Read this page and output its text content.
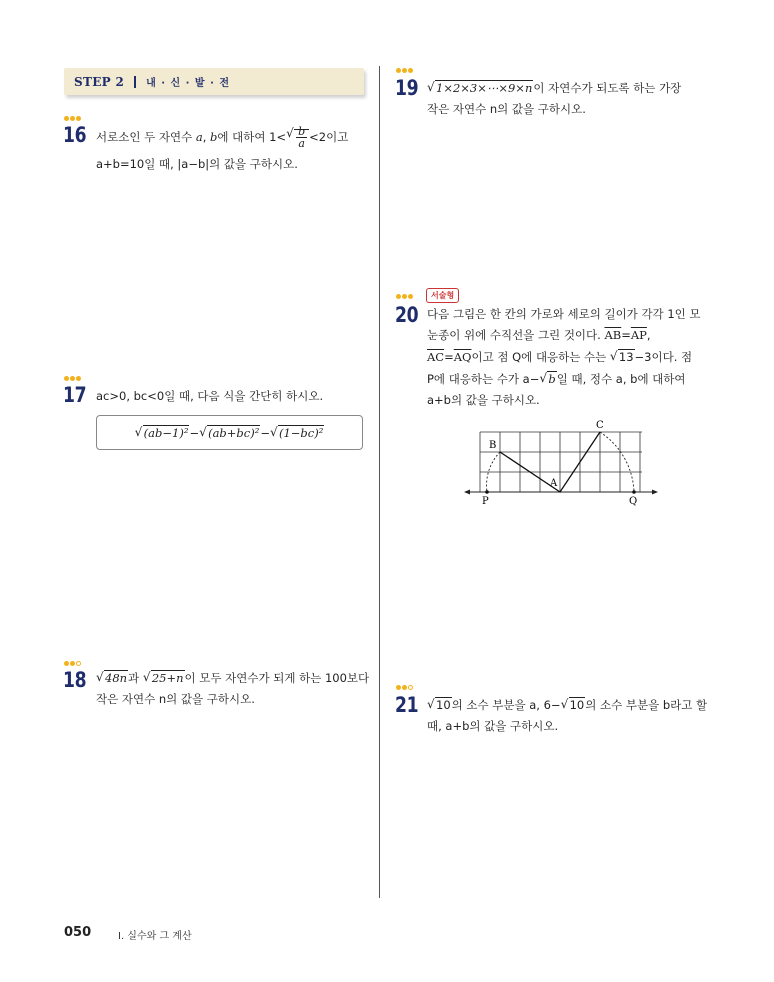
STEP 2 내 · 신 · 발 · 전
16 서로소인 두 자연수 a, b에 대하여 1< √ $\frac{b}{a} <2$이고
a+b=10일 때, |a−b|의 값을 구하시오.
17 ac>0, bc<0일 때, 다음 식을 간단히 하시오.
√ (ab−1)² − √ (ab+bc)² − √ (1−bc)²
18	√ 48n과 √ 25+n이 모두 자연수가 되게 하는 100보다
작은 자연수 n의 값을 구하시오.
19	√ 1×2×3×⋯×9×n이 자연수가 되도록 하는 가장
작은 자연수 n의 값을 구하시오.
서술형
20 다음 그림은 한 칸의 가로와 세로의 길이가 각각 1인 모
눈종이 위에 수직선을 그린 것이다. $\overline{AB}=\overline{AP}$,
$\overline{AC}=\overline{AQ}$이고 점 Q에 대응하는 수는 √ 13−3이다. 점
P에 대응하는 수가 a− √ b일 때, 정수 a, b에 대하여
a+b의 값을 구하시오.
B
C
A
P	Q
21	√ 10의 소수 부분을 a, 6− √ 10의 소수 부분을 b라고 할
때, a+b의 값을 구하시오.
050	Ⅰ. 실수와 그 계산
